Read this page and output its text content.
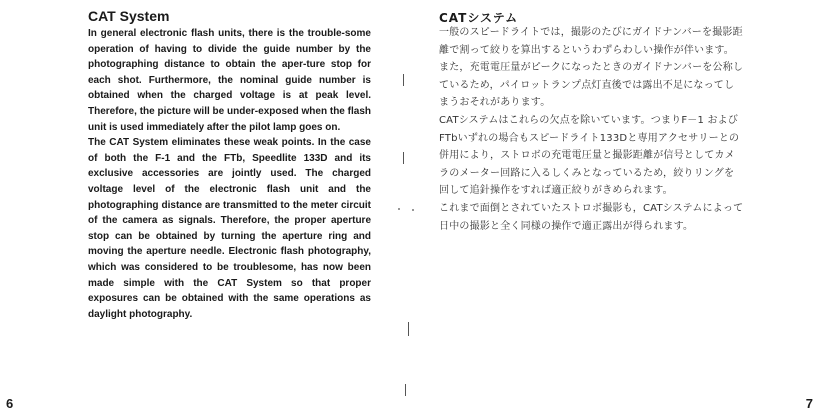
CAT System

In general electronic flash units, there is the trouble-some operation of having to divide the guide number by the photographing distance to obtain the aper-ture stop for each shot. Furthermore, the nominal guide number is obtained when the charged voltage is at peak level. Therefore, the picture will be under-exposed when the flash unit is used immediately after the pilot lamp goes on.

The CAT System eliminates these weak points. In the case of both the F-1 and the FTb, Speedlite 133D and its exclusive accessories are jointly used. The charged voltage level of the electronic flash unit and the photographing distance are transmitted to the meter circuit of the camera as signals. Therefore, the proper aperture stop can be obtained by turning the aperture ring and moving the aperture needle. Electronic flash photography, which was considered to be troublesome, has now been made simple with the CAT System so that proper exposures can be obtained with the same operations as daylight photography.

6
CATシステム

一般のスピードライトでは，撮影のたびにガイドナンバーを撮影距離で割って絞りを算出するというわずらわしい操作が伴います。また，充電電圧量がピークになったときのガイドナンバーを公称しているため，パイロットランプ点灯直後では露出不足になってしまうおそれがあります。

CATシステムはこれらの欠点を除いています。つまりF－1 およびFTbいずれの場合もスピードライト133Dと専用アクセサリーとの併用により，ストロボの充電電圧量と撮影距離が信号としてカメラのメーター回路に入るしくみとなっているため，絞りリングを回して追針操作をすれば適正絞りがきめられます。

これまで面倒とされていたストロボ撮影も，CATシステムによって日中の撮影と全く同様の操作で適正露出が得られます。

7
